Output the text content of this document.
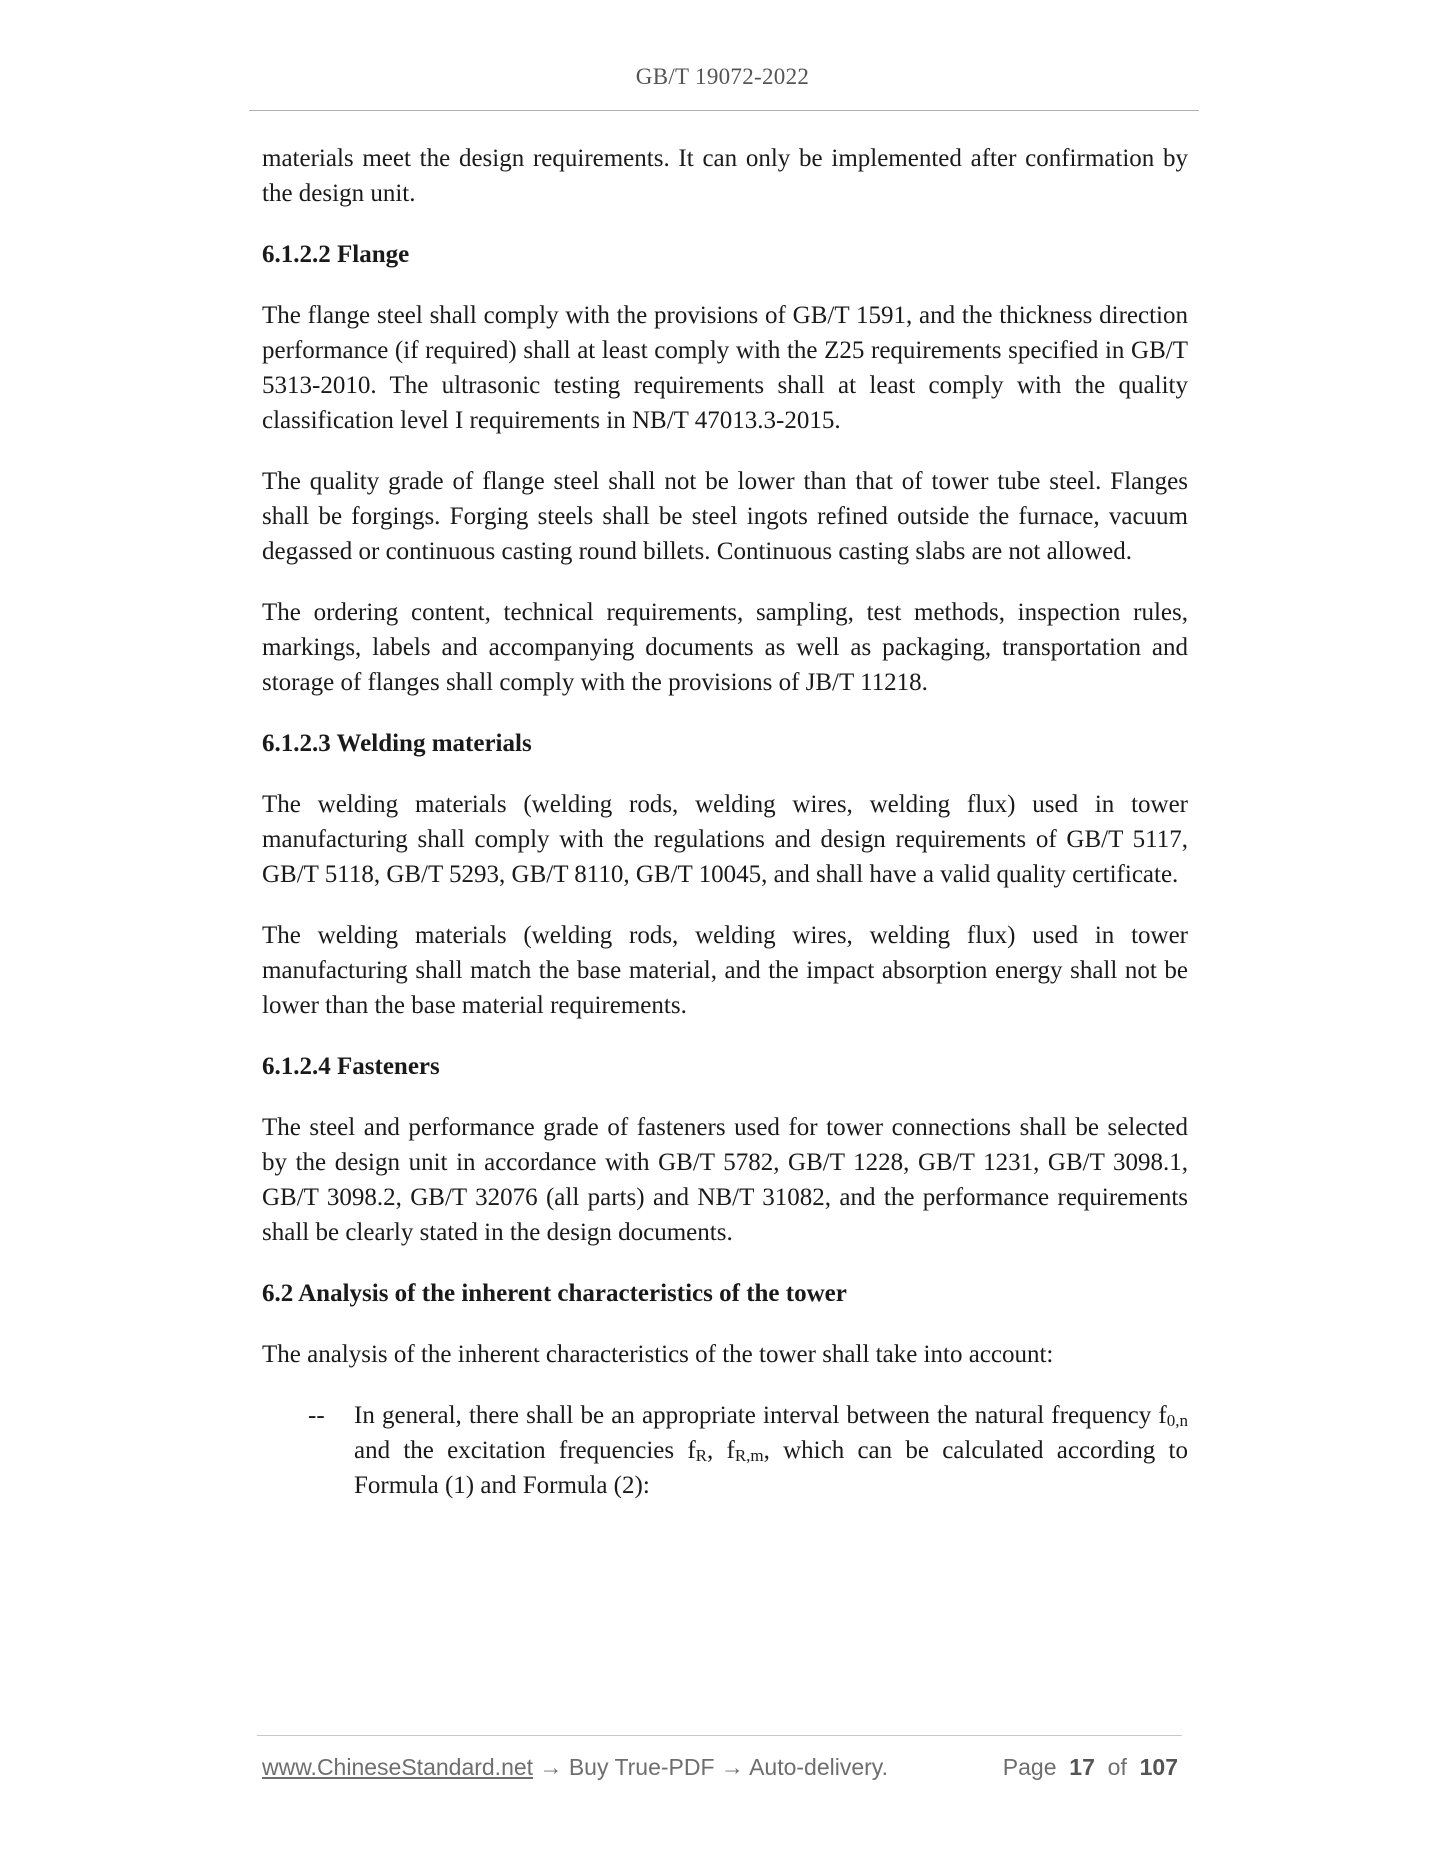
GB/T 19072-2022

materials meet the design requirements. It can only be implemented after confirmation by the design unit.

6.1.2.2 Flange

The flange steel shall comply with the provisions of GB/T 1591, and the thickness direction performance (if required) shall at least comply with the Z25 requirements specified in GB/T 5313-2010. The ultrasonic testing requirements shall at least comply with the quality classification level I requirements in NB/T 47013.3-2015.

The quality grade of flange steel shall not be lower than that of tower tube steel. Flanges shall be forgings. Forging steels shall be steel ingots refined outside the furnace, vacuum degassed or continuous casting round billets. Continuous casting slabs are not allowed.

The ordering content, technical requirements, sampling, test methods, inspection rules, markings, labels and accompanying documents as well as packaging, transportation and storage of flanges shall comply with the provisions of JB/T 11218.

6.1.2.3 Welding materials

The welding materials (welding rods, welding wires, welding flux) used in tower manufacturing shall comply with the regulations and design requirements of GB/T 5117, GB/T 5118, GB/T 5293, GB/T 8110, GB/T 10045, and shall have a valid quality certificate.

The welding materials (welding rods, welding wires, welding flux) used in tower manufacturing shall match the base material, and the impact absorption energy shall not be lower than the base material requirements.

6.1.2.4 Fasteners

The steel and performance grade of fasteners used for tower connections shall be selected by the design unit in accordance with GB/T 5782, GB/T 1228, GB/T 1231, GB/T 3098.1, GB/T 3098.2, GB/T 32076 (all parts) and NB/T 31082, and the performance requirements shall be clearly stated in the design documents.

6.2 Analysis of the inherent characteristics of the tower

The analysis of the inherent characteristics of the tower shall take into account:

--	In general, there shall be an appropriate interval between the natural frequency $f_{0,n}$ and the excitation frequencies $f_R$, $f_{R,m}$, which can be calculated according to Formula (1) and Formula (2):
www.ChineseStandard.net → Buy True-PDF → Auto-delivery.	Page 17 of 107
